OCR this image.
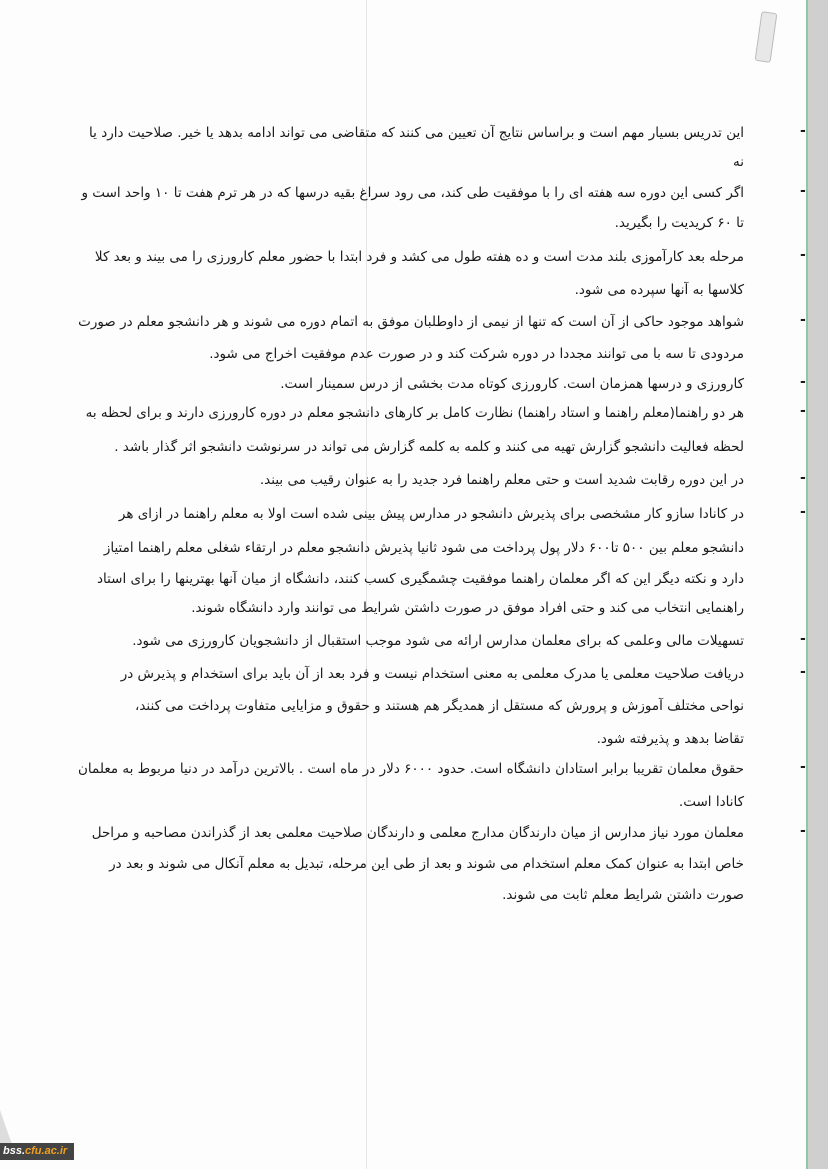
-
این تدریس بسیار مهم است و براساس نتایج آن تعیین می کنند که متقاضی می تواند ادامه بدهد یا خیر. صلاحیت دارد یا
نه
-
اگر کسی این دوره سه هفته ای را با موفقیت طی کند، می رود سراغ بقیه درسها که در هر ترم هفت تا ۱۰ واحد است و
تا ۶۰ کریدیت را بگیرید.
-
مرحله بعد کارآموزی بلند مدت است و ده هفته طول می کشد و فرد ابتدا با حضور معلم کارورزی را می بیند و بعد کلا
کلاسها به آنها سپرده می شود.
-
شواهد موجود حاکی از آن است که تنها از نیمی از داوطلبان موفق به اتمام دوره می شوند و هر دانشجو معلم در صورت
مردودی تا سه با می توانند مجددا در دوره شرکت کند و در صورت عدم موفقیت اخراج می شود.
-
کارورزی و درسها همزمان است. کارورزی کوتاه مدت بخشی از درس سمینار است.
-
هر دو راهنما(معلم راهنما و استاد راهنما) نظارت کامل بر کارهای دانشجو معلم در دوره کارورزی دارند و برای لحظه به
لحظه فعالیت دانشجو گزارش تهیه می کنند و کلمه به کلمه گزارش می تواند در سرنوشت دانشجو اثر گذار باشد .
-
در این دوره رقابت شدید است و حتی معلم راهنما فرد جدید را به عنوان رقیب می بیند.
-
در کانادا سازو کار مشخصی برای پذیرش دانشجو در مدارس پیش بینی شده است اولا به معلم راهنما در ازای هر
دانشجو معلم بین ۵۰۰ تا۶۰۰ دلار پول پرداخت می شود ثانیا پذیرش دانشجو معلم در ارتقاء شغلی معلم راهنما امتیاز
دارد و نکته دیگر این که اگر معلمان راهنما موفقیت چشمگیری کسب کنند، دانشگاه از میان آنها بهترینها را برای استاد
راهنمایی انتخاب می کند و حتی افراد موفق در صورت داشتن شرایط می توانند وارد دانشگاه شوند.
-
تسهیلات مالی وعلمی که برای معلمان مدارس ارائه می شود موجب استقبال از دانشجویان کارورزی می شود.
-
دریافت صلاحیت معلمی یا مدرک معلمی به معنی استخدام نیست و فرد بعد از آن باید برای استخدام و پذیرش در
نواحی مختلف آموزش و پرورش که مستقل از همدیگر هم هستند و حقوق و مزایایی متفاوت پرداخت می کنند،
تقاضا بدهد و پذیرفته شود.
-
حقوق معلمان تقریبا برابر استادان دانشگاه است. حدود ۶۰۰۰ دلار در ماه است . بالاترین درآمد در دنیا مربوط به معلمان
کانادا است.
-
معلمان مورد نیاز مدارس از میان دارندگان مدارج معلمی و دارندگان صلاحیت معلمی بعد از گذراندن مصاحبه و مراحل
خاص ابتدا به عنوان کمک معلم استخدام می شوند و بعد از طی این مرحله، تبدیل به معلم آنکال می شوند و بعد در
صورت داشتن شرایط معلم ثابت می شوند.
bss.cfu.ac.ir
